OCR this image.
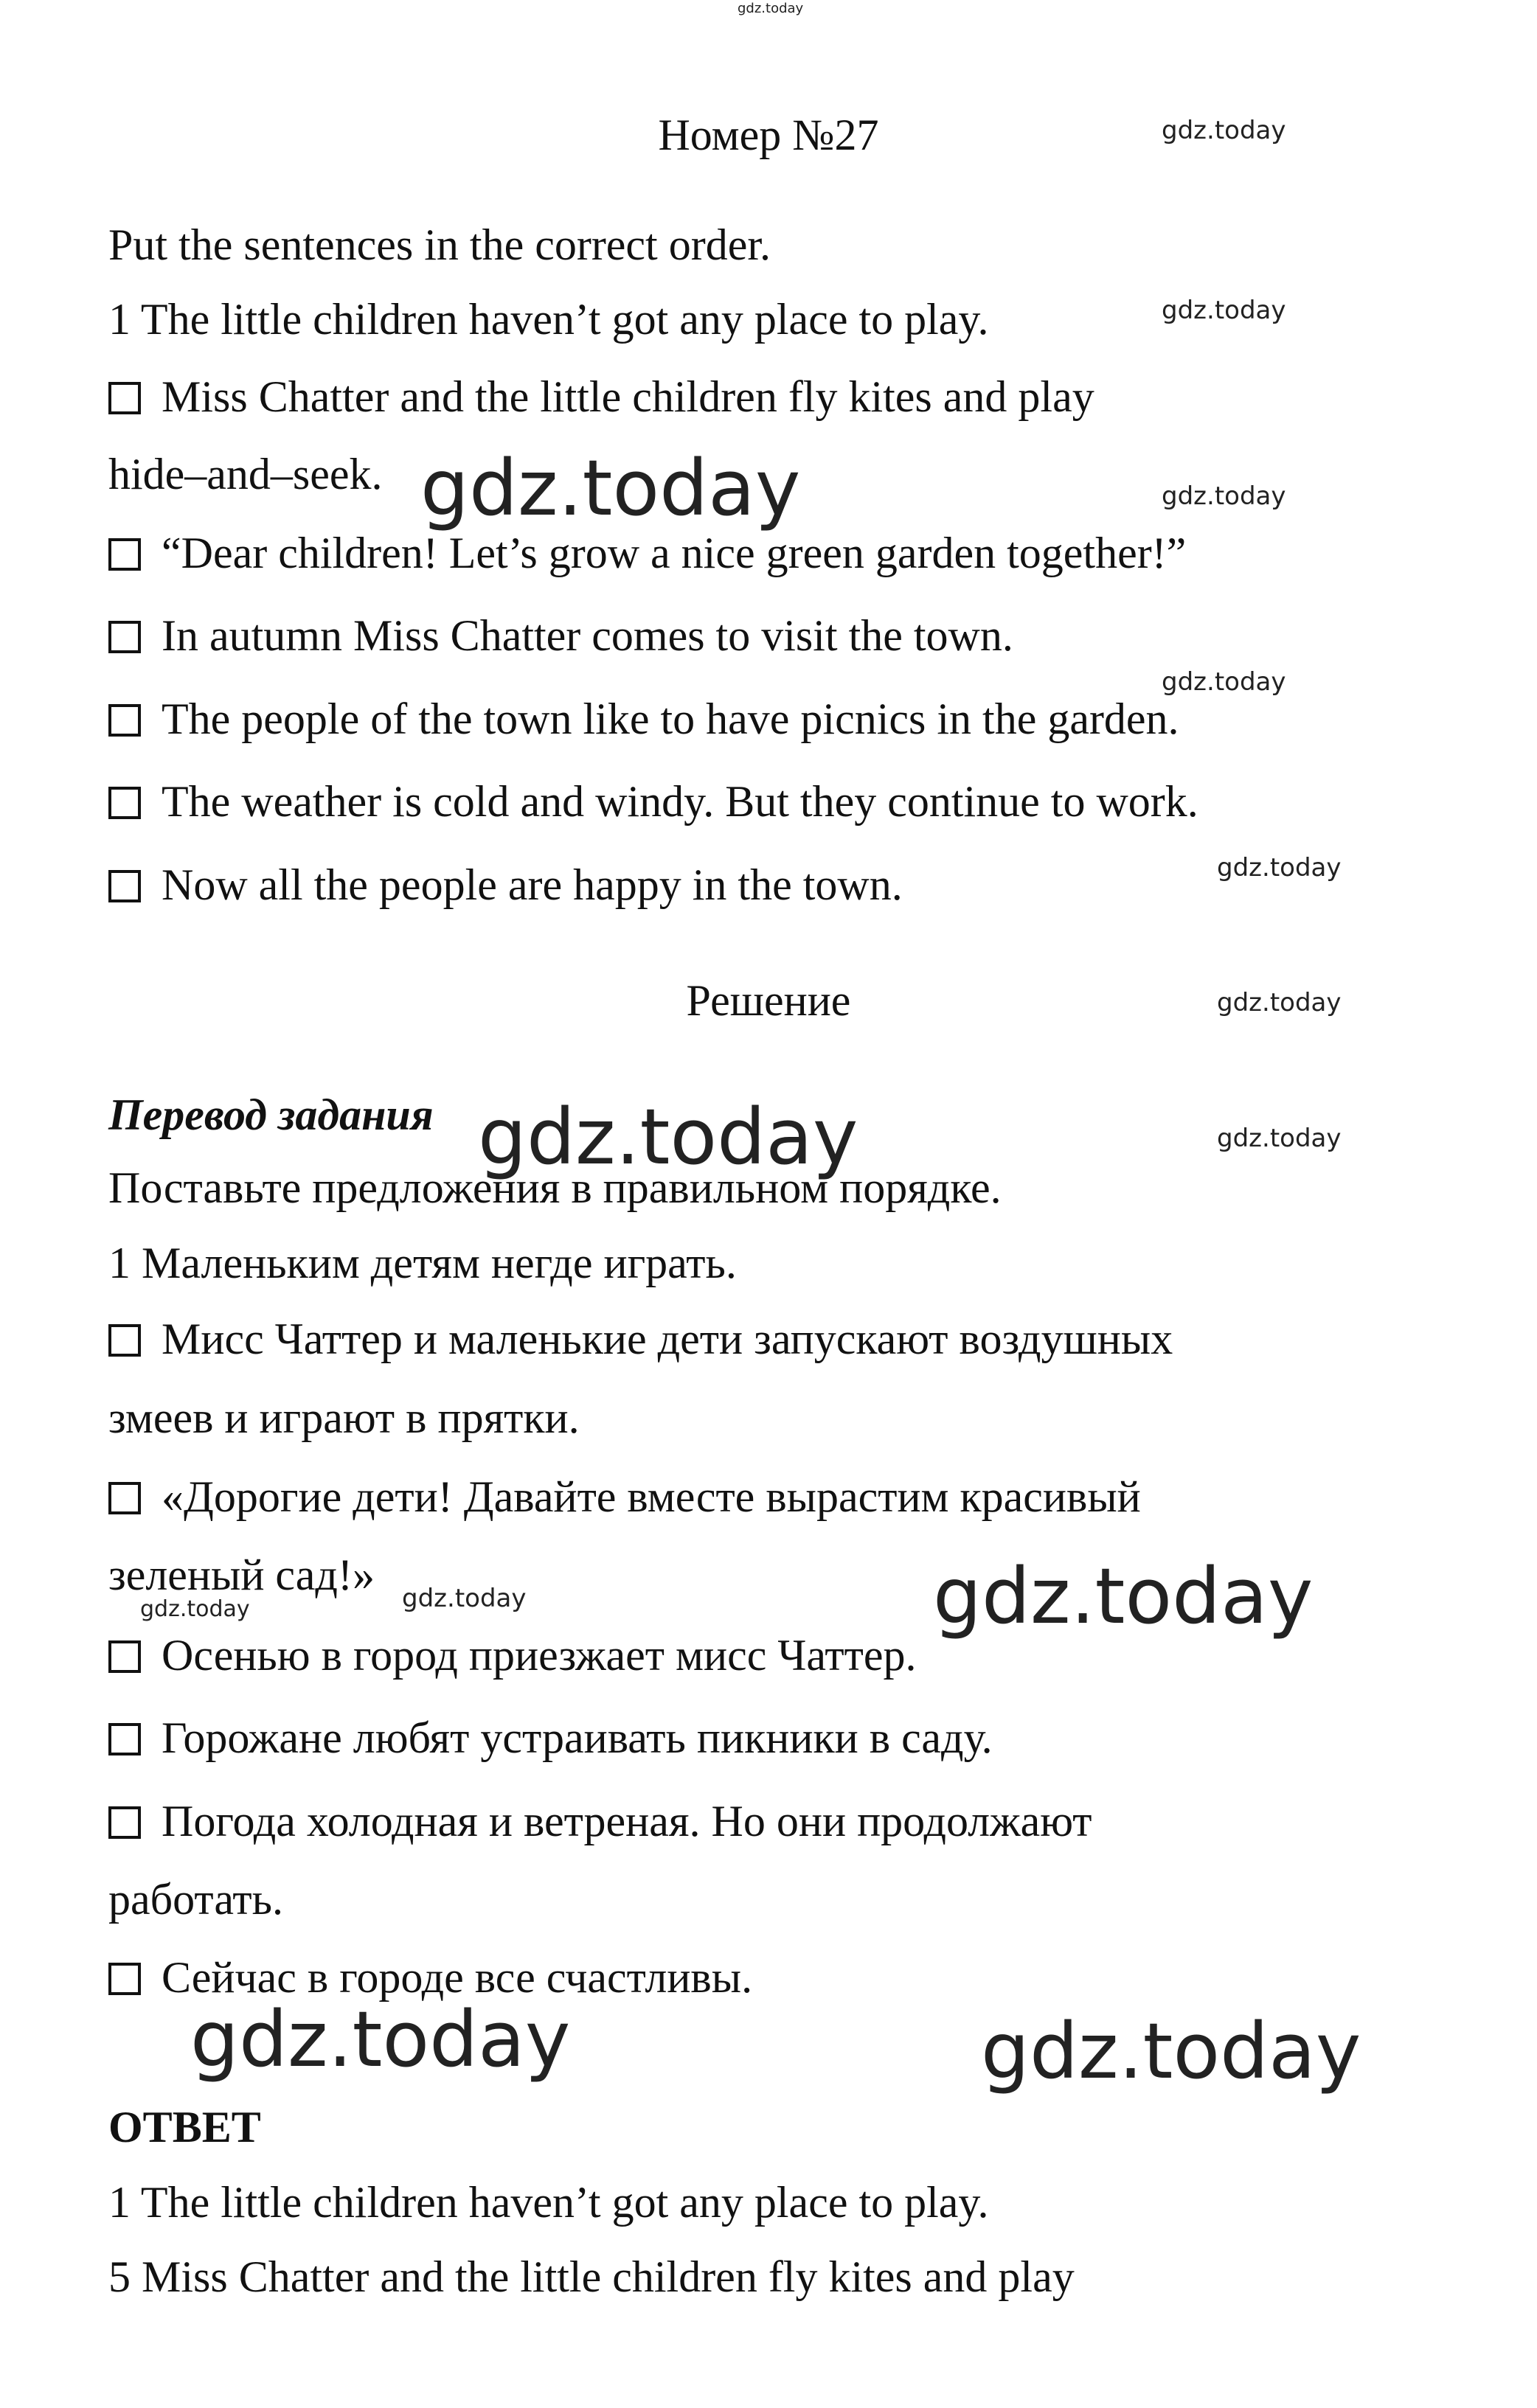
Номер №27
Put the sentences in the correct order.
1 The little children haven’t got any place to play.
Miss Chatter and the little children fly kites and play
hide–and–seek.
“Dear children! Let’s grow a nice green garden together!”
In autumn Miss Chatter comes to visit the town.
The people of the town like to have picnics in the garden.
The weather is cold and windy. But they continue to work.
Now all the people are happy in the town.
Решение
Перевод задания
Поставьте предложения в правильном порядке.
1 Маленьким детям негде играть.
Мисс Чаттер и маленькие дети запускают воздушных
змеев и играют в прятки.
«Дорогие дети! Давайте вместе вырастим красивый
зеленый сад!»
Осенью в город приезжает мисс Чаттер.
Горожане любят устраивать пикники в саду.
Погода холодная и ветреная. Но они продолжают
работать.
Сейчас в городе все счастливы.
ОТВЕТ
1 The little children haven’t got any place to play.
5 Miss Chatter and the little children fly kites and play
gdz.today
gdz.today
gdz.today
gdz.today
gdz.today
gdz.today
gdz.today
gdz.today
gdz.today	gdz.today
gdz.today
gdz.today
gdz.today
gdz.today	gdz.today
